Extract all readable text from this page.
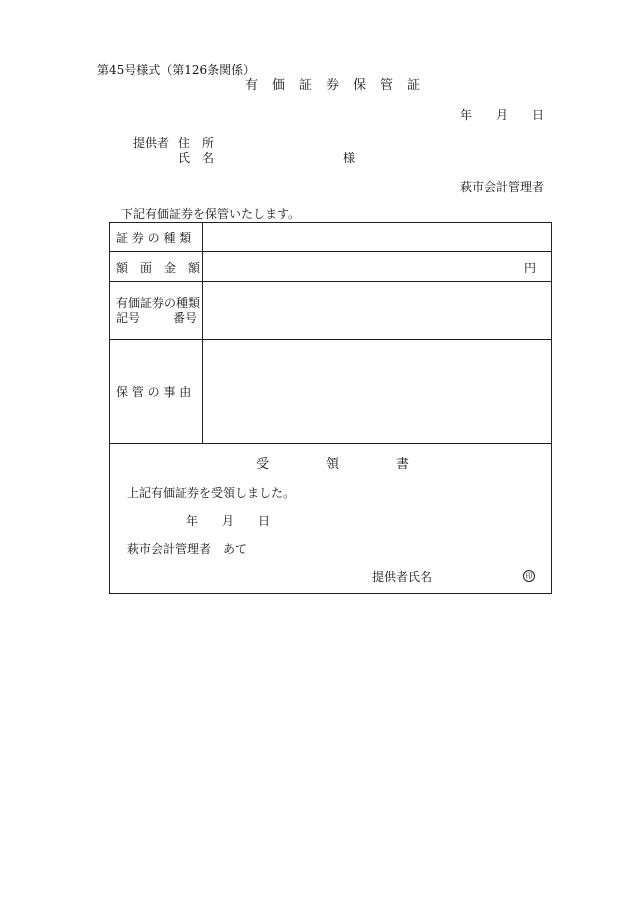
第45号様式（第126条関係）
有 価 証 券 保 管 証
年 月 日
提供者 住　所
氏　名	様
萩市会計管理者
下記有価証券を保管いたします。
証 券 の 種 類
額　面　金　額	円
有価証券の種類
記号	番号
保 管 の 事 由
受	領	書
上記有価証券を受領しました。
年 月 日
萩市会計管理者　あて
提供者氏名	印
